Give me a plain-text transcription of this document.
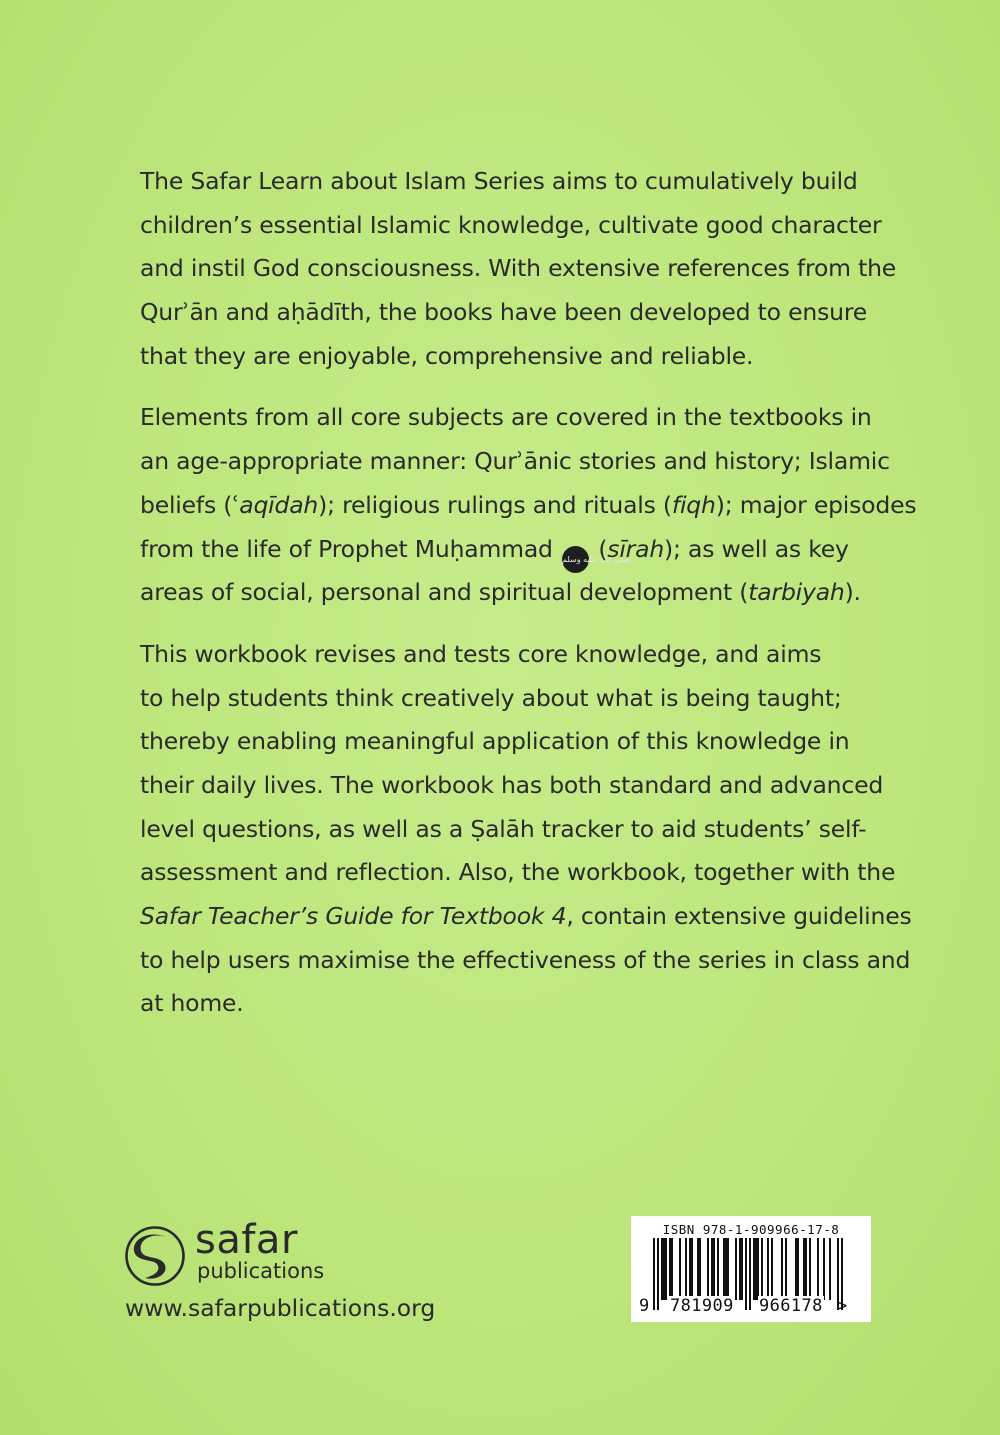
The Safar Learn about Islam Series aims to cumulatively build
children’s essential Islamic knowledge, cultivate good character
and instil God consciousness. With extensive references from the
Qurʾān and aḥādīth, the books have been developed to ensure
that they are enjoyable, comprehensive and reliable.
Elements from all core subjects are covered in the textbooks in
an age-appropriate manner: Qurʾānic stories and history; Islamic
beliefs (ʿaqīdah); religious rulings and rituals (fiqh); major episodes
from the life of Prophet Muḥammad صلى الله عليه وسلم (sīrah); as well as key
areas of social, personal and spiritual development (tarbiyah).
This workbook revises and tests core knowledge, and aims
to help students think creatively about what is being taught;
thereby enabling meaningful application of this knowledge in
their daily lives. The workbook has both standard and advanced
level questions, as well as a Ṣalāh tracker to aid students’ self-
assessment and reflection. Also, the workbook, together with the
Safar Teacher’s Guide for Textbook 4, contain extensive guidelines
to help users maximise the effectiveness of the series in class and
at home.
safar
publications
www.safarpublications.org
ISBN 978-1-909966-17-8
9 781909 966178 >
